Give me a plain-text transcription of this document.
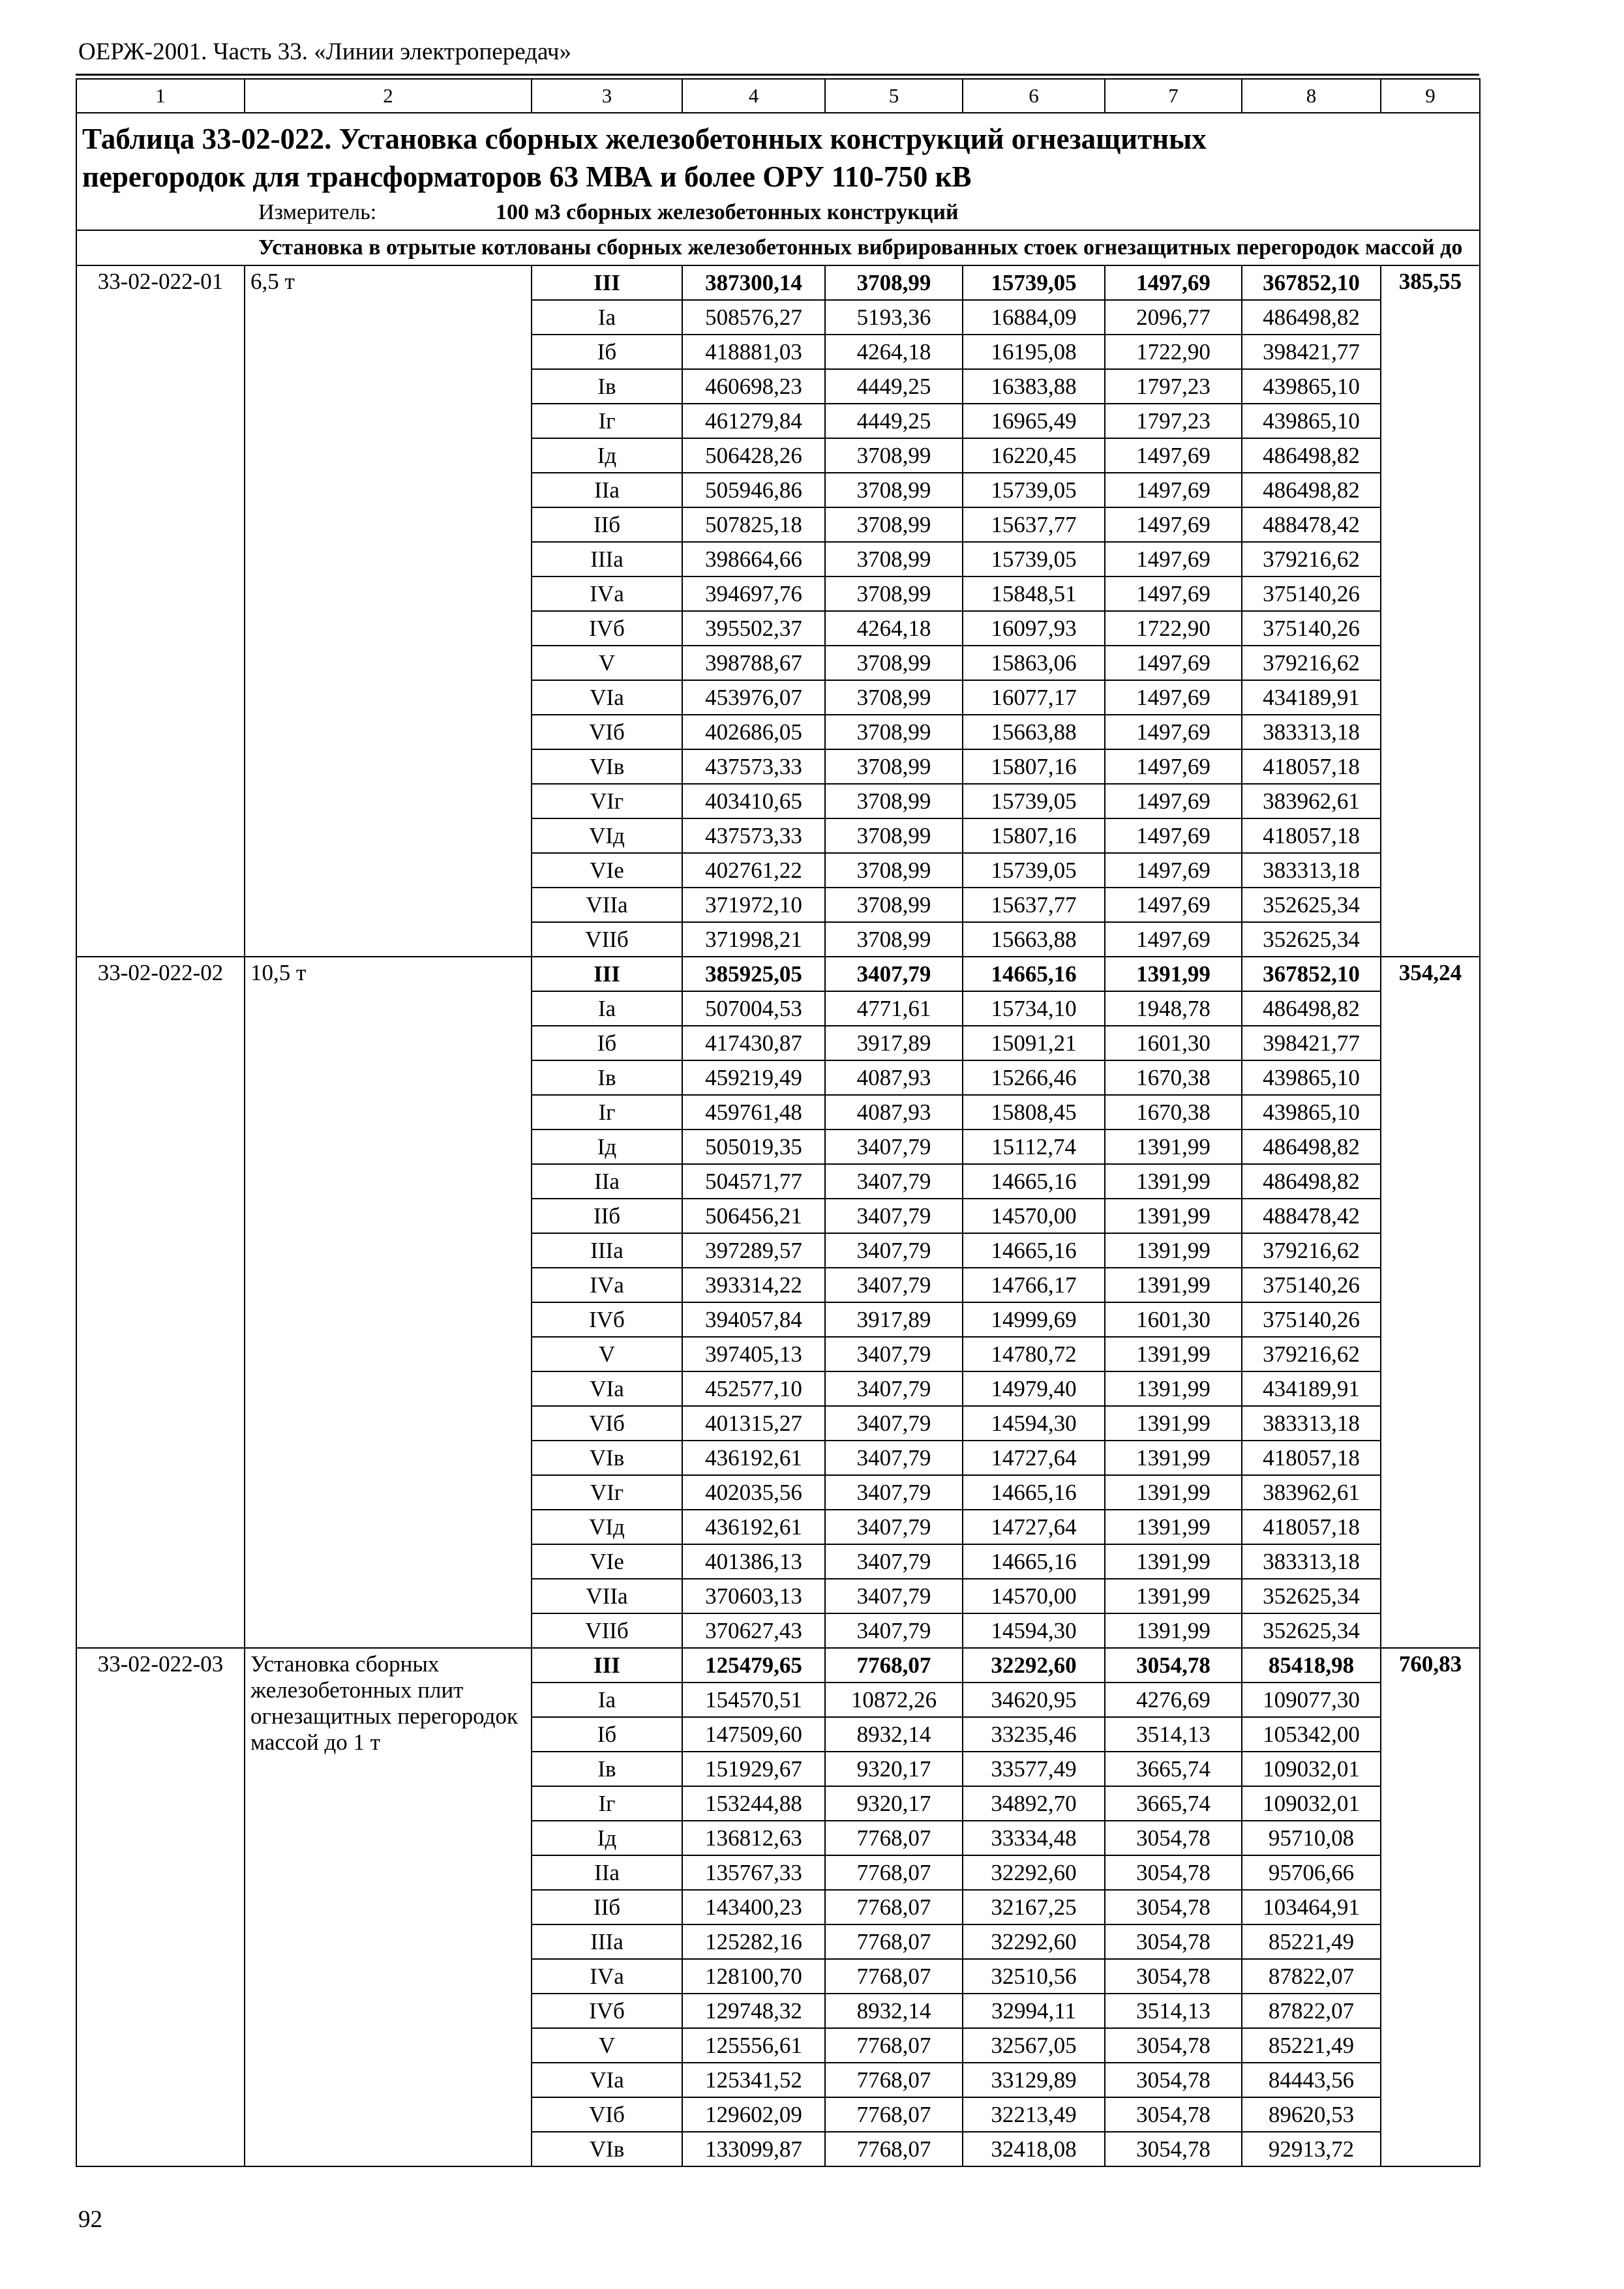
ОЕРЖ-2001. Часть 33. «Линии электропередач»
1	2	3	4	5	6	7	8	9

Таблица 33-02-022. Установка сборных железобетонных конструкций огнезащитных
перегородок для трансформаторов 63 МВА и более ОРУ 110-750 кВ
Измеритель: 100 м3 сборных железобетонных конструкций								

Установка в отрытые котлованы сборных железобетонных вибрированных стоек огнезащитных перегородок массой до								
33-02-022-01	6,5 т	III	387300,14	3708,99	15739,05	1497,69	367852,10	385,55
		Iа	508576,27	5193,36	16884,09	2096,77	486498,82	
		Iб	418881,03	4264,18	16195,08	1722,90	398421,77	
		Iв	460698,23	4449,25	16383,88	1797,23	439865,10	
		Iг	461279,84	4449,25	16965,49	1797,23	439865,10	
		Iд	506428,26	3708,99	16220,45	1497,69	486498,82	
		IIа	505946,86	3708,99	15739,05	1497,69	486498,82	
		IIб	507825,18	3708,99	15637,77	1497,69	488478,42	
		IIIа	398664,66	3708,99	15739,05	1497,69	379216,62	
		IVа	394697,76	3708,99	15848,51	1497,69	375140,26	
		IVб	395502,37	4264,18	16097,93	1722,90	375140,26	
		V	398788,67	3708,99	15863,06	1497,69	379216,62	
		VIа	453976,07	3708,99	16077,17	1497,69	434189,91	
		VIб	402686,05	3708,99	15663,88	1497,69	383313,18	
		VIв	437573,33	3708,99	15807,16	1497,69	418057,18	
		VIг	403410,65	3708,99	15739,05	1497,69	383962,61	
		VIд	437573,33	3708,99	15807,16	1497,69	418057,18	
		VIе	402761,22	3708,99	15739,05	1497,69	383313,18	
		VIIа	371972,10	3708,99	15637,77	1497,69	352625,34	
		VIIб	371998,21	3708,99	15663,88	1497,69	352625,34	
33-02-022-02	10,5 т	III	385925,05	3407,79	14665,16	1391,99	367852,10	354,24
		Iа	507004,53	4771,61	15734,10	1948,78	486498,82	
		Iб	417430,87	3917,89	15091,21	1601,30	398421,77	
		Iв	459219,49	4087,93	15266,46	1670,38	439865,10	
		Iг	459761,48	4087,93	15808,45	1670,38	439865,10	
		Iд	505019,35	3407,79	15112,74	1391,99	486498,82	
		IIа	504571,77	3407,79	14665,16	1391,99	486498,82	
		IIб	506456,21	3407,79	14570,00	1391,99	488478,42	
		IIIа	397289,57	3407,79	14665,16	1391,99	379216,62	
		IVа	393314,22	3407,79	14766,17	1391,99	375140,26	
		IVб	394057,84	3917,89	14999,69	1601,30	375140,26	
		V	397405,13	3407,79	14780,72	1391,99	379216,62	
		VIа	452577,10	3407,79	14979,40	1391,99	434189,91	
		VIб	401315,27	3407,79	14594,30	1391,99	383313,18	
		VIв	436192,61	3407,79	14727,64	1391,99	418057,18	
		VIг	402035,56	3407,79	14665,16	1391,99	383962,61	
		VIд	436192,61	3407,79	14727,64	1391,99	418057,18	
		VIе	401386,13	3407,79	14665,16	1391,99	383313,18	
		VIIа	370603,13	3407,79	14570,00	1391,99	352625,34	
		VIIб	370627,43	3407,79	14594,30	1391,99	352625,34	
33-02-022-03	Установка сборных железобетонных плит огнезащитных перегородок массой до 1 т	III	125479,65	7768,07	32292,60	3054,78	85418,98	760,83
		Iа	154570,51	10872,26	34620,95	4276,69	109077,30	
		Iб	147509,60	8932,14	33235,46	3514,13	105342,00	
		Iв	151929,67	9320,17	33577,49	3665,74	109032,01	
		Iг	153244,88	9320,17	34892,70	3665,74	109032,01	
		Iд	136812,63	7768,07	33334,48	3054,78	95710,08	
		IIа	135767,33	7768,07	32292,60	3054,78	95706,66	
		IIб	143400,23	7768,07	32167,25	3054,78	103464,91	
		IIIа	125282,16	7768,07	32292,60	3054,78	85221,49	
		IVа	128100,70	7768,07	32510,56	3054,78	87822,07	
		IVб	129748,32	8932,14	32994,11	3514,13	87822,07	
		V	125556,61	7768,07	32567,05	3054,78	85221,49	
		VIа	125341,52	7768,07	33129,89	3054,78	84443,56	
		VIб	129602,09	7768,07	32213,49	3054,78	89620,53	
		VIв	133099,87	7768,07	32418,08	3054,78	92913,72	
92
